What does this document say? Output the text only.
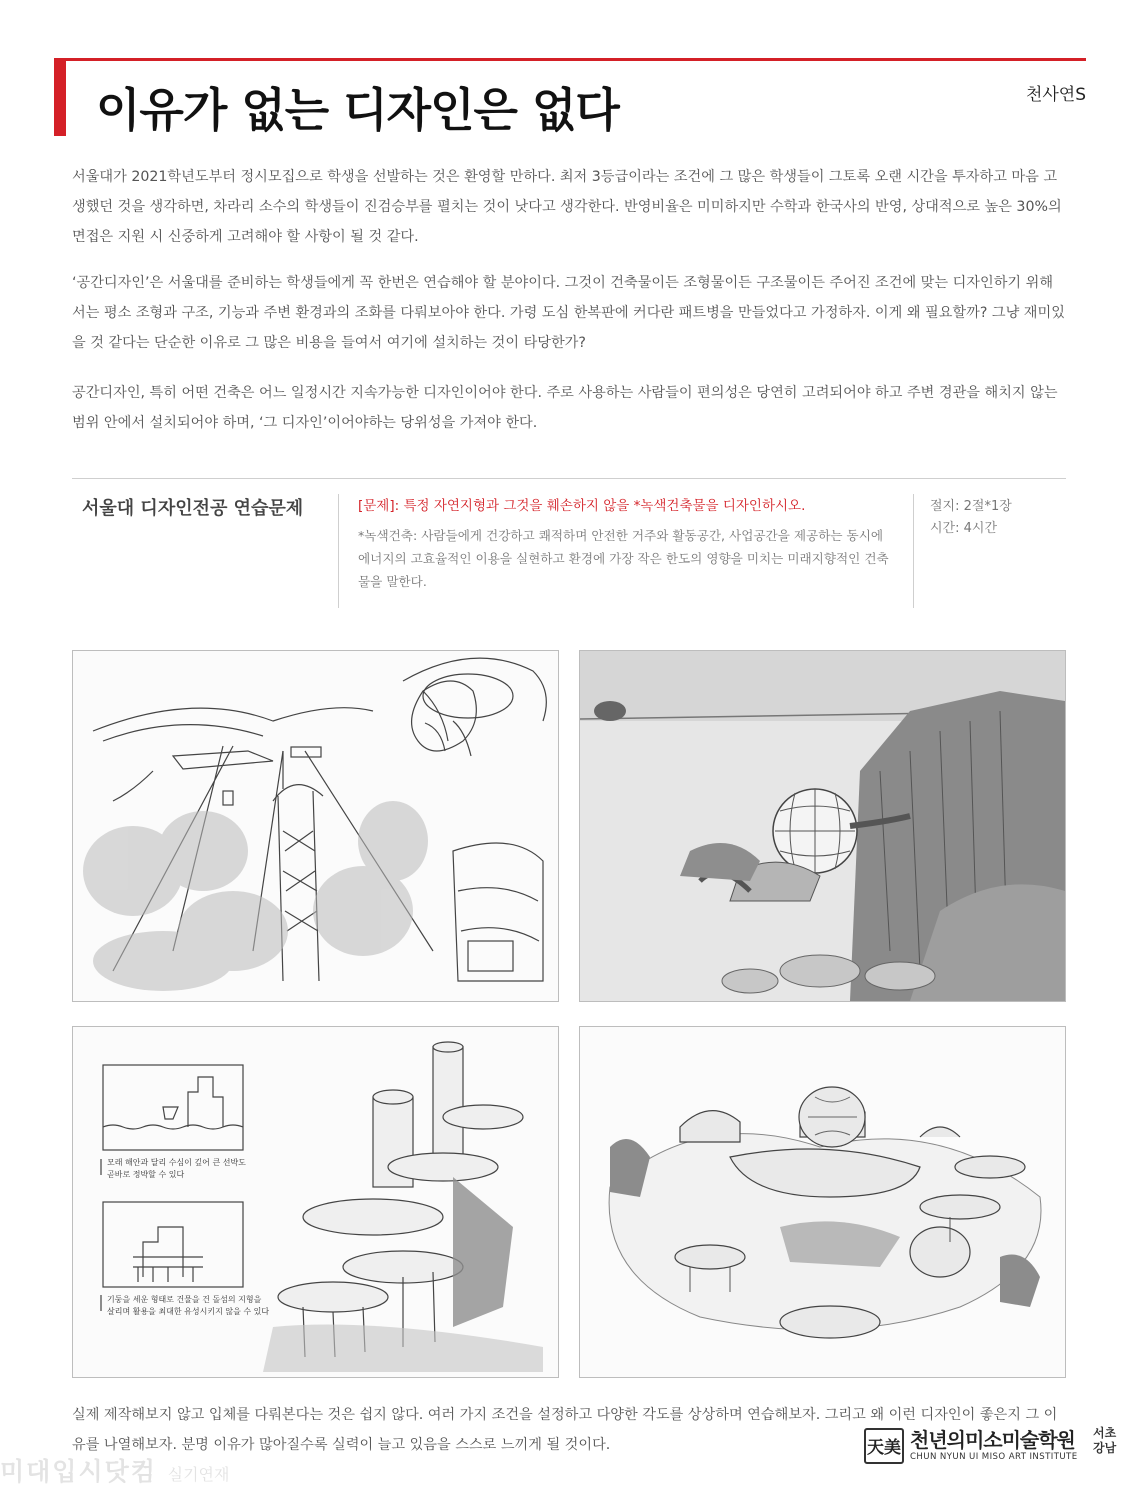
이유가 없는 디자인은 없다	천사연S

서울대가 2021학년도부터 정시모집으로 학생을 선발하는 것은 환영할 만하다. 최저 3등급이라는 조건에 그 많은 학생들이 그토록 오랜 시간을 투자하고 마음 고생했던 것을 생각하면, 차라리 소수의 학생들이 진검승부를 펼치는 것이 낫다고 생각한다. 반영비율은 미미하지만 수학과 한국사의 반영, 상대적으로 높은 30%의 면접은 지원 시 신중하게 고려해야 할 사항이 될 것 같다.

‘공간디자인’은 서울대를 준비하는 학생들에게 꼭 한번은 연습해야 할 분야이다. 그것이 건축물이든 조형물이든 구조물이든 주어진 조건에 맞는 디자인하기 위해서는 평소 조형과 구조, 기능과 주변 환경과의 조화를 다뤄보아야 한다. 가령 도심 한복판에 커다란 패트병을 만들었다고 가정하자. 이게 왜 필요할까? 그냥 재미있을 것 같다는 단순한 이유로 그 많은 비용을 들여서 여기에 설치하는 것이 타당한가?

공간디자인, 특히 어떤 건축은 어느 일정시간 지속가능한 디자인이어야 한다. 주로 사용하는 사람들이 편의성은 당연히 고려되어야 하고 주변 경관을 해치지 않는 범위 안에서 설치되어야 하며, ‘그 디자인’이어야하는 당위성을 가져야 한다.

서울대 디자인전공 연습문제	[문제]: 특정 자연지형과 그것을 훼손하지 않을 *녹색건축물을 디자인하시오.

*녹색건축: 사람들에게 건강하고 쾌적하며 안전한 거주와 활동공간, 사업공간을 제공하는 동시에 에너지의 고효율적인 이용을 실현하고 환경에 가장 작은 한도의 영향을 미치는 미래지향적인 건축물을 말한다.

절지: 2절*1장
시간: 4시간
모래 해안과 달리 수심이 깊어 큰 선박도
곧바로 정박할 수 있다
기둥을 세운 형태로 건물을 건 돌섬의 지형을
살리며 활용을 최대한 유성시키지 않을 수 있다

실제 제작해보지 않고 입체를 다뤄본다는 것은 쉽지 않다. 여러 가지 조건을 설정하고 다양한 각도를 상상하며 연습해보자. 그리고 왜 이런 디자인이 좋은지 그 이유를 나열해보자. 분명 이유가 많아질수록 실력이 늘고 있음을 스스로 느끼게 될 것이다.

미대입시닷컴 실기연재
天美 천년의미소미술학원
CHUN NYUN UI MISO ART INSTITUTE
서초강남
